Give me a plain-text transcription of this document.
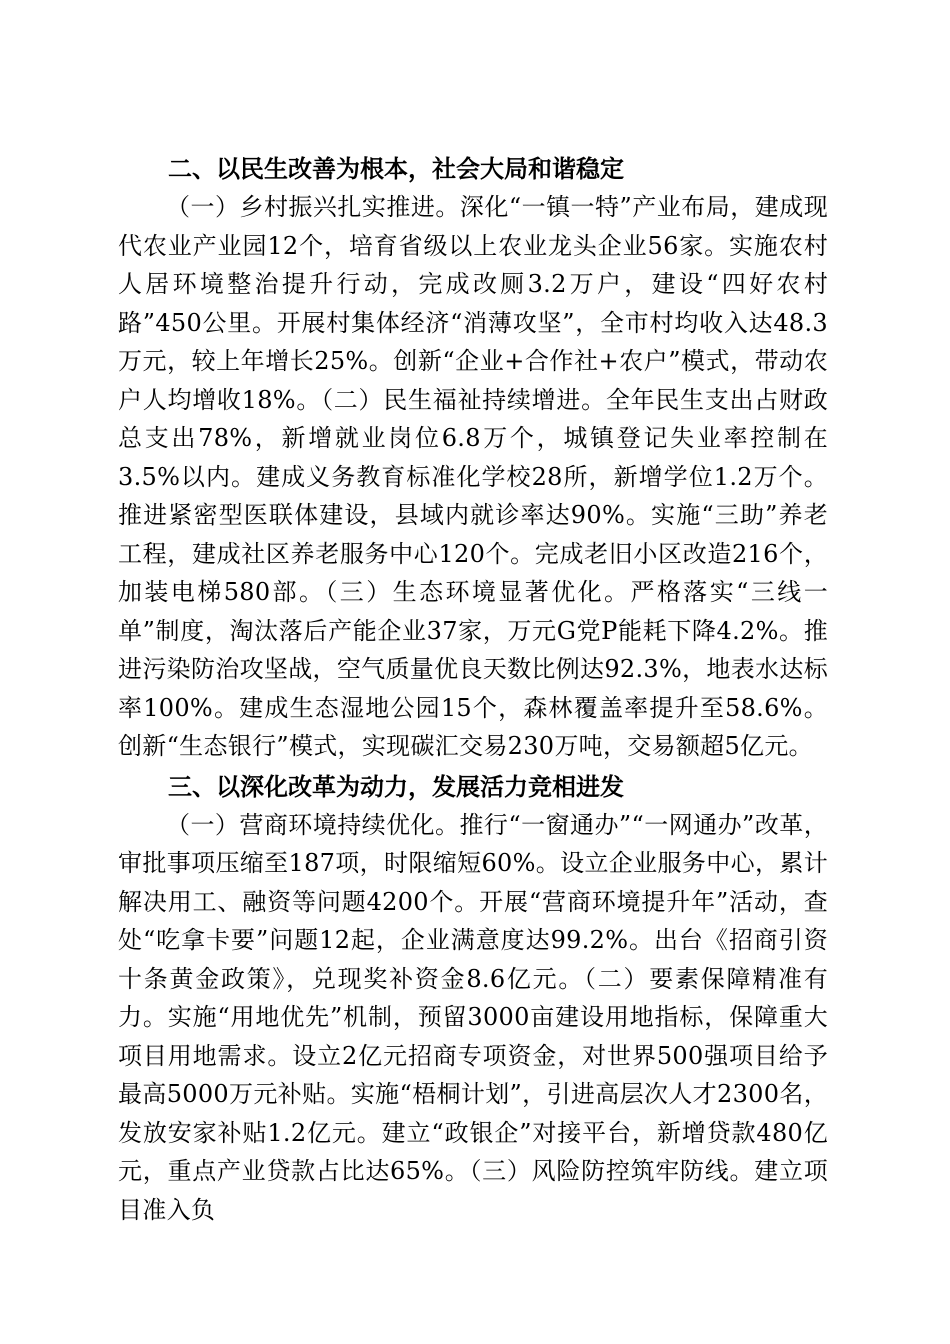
二、以民生改善为根本，社会大局和谐稳定

（一）乡村振兴扎实推进。深化“一镇一特”产业布局，建成现代农业产业园12个，培育省级以上农业龙头企业56家。实施农村人居环境整治提升行动，完成改厕3.2万户，建设“四好农村路”450公里。开展村集体经济“消薄攻坚”，全市村均收入达48.3万元，较上年增长25%。创新“企业+合作社+农户”模式，带动农户人均增收18%。（二）民生福祉持续增进。全年民生支出占财政总支出78%，新增就业岗位6.8万个，城镇登记失业率控制在3.5%以内。建成义务教育标准化学校28所，新增学位1.2万个。推进紧密型医联体建设，县域内就诊率达90%。实施“三助”养老工程，建成社区养老服务中心120个。完成老旧小区改造216个，加装电梯580部。（三）生态环境显著优化。严格落实“三线一单”制度，淘汰落后产能企业37家，万元G党P能耗下降4.2%。推进污染防治攻坚战，空气质量优良天数比例达92.3%，地表水达标率100%。建成生态湿地公园15个，森林覆盖率提升至58.6%。创新“生态银行”模式，实现碳汇交易230万吨，交易额超5亿元。

三、以深化改革为动力，发展活力竞相进发

（一）营商环境持续优化。推行“一窗通办”“一网通办”改革，审批事项压缩至187项，时限缩短60%。设立企业服务中心，累计解决用工、融资等问题4200个。开展“营商环境提升年”活动，查处“吃拿卡要”问题12起，企业满意度达99.2%。出台《招商引资十条黄金政策》，兑现奖补资金8.6亿元。（二）要素保障精准有力。实施“用地优先”机制，预留3000亩建设用地指标，保障重大项目用地需求。设立2亿元招商专项资金，对世界500强项目给予最高5000万元补贴。实施“梧桐计划”，引进高层次人才2300名，发放安家补贴1.2亿元。建立“政银企”对接平台，新增贷款480亿元，重点产业贷款占比达65%。（三）风险防控筑牢防线。建立项目准入负
